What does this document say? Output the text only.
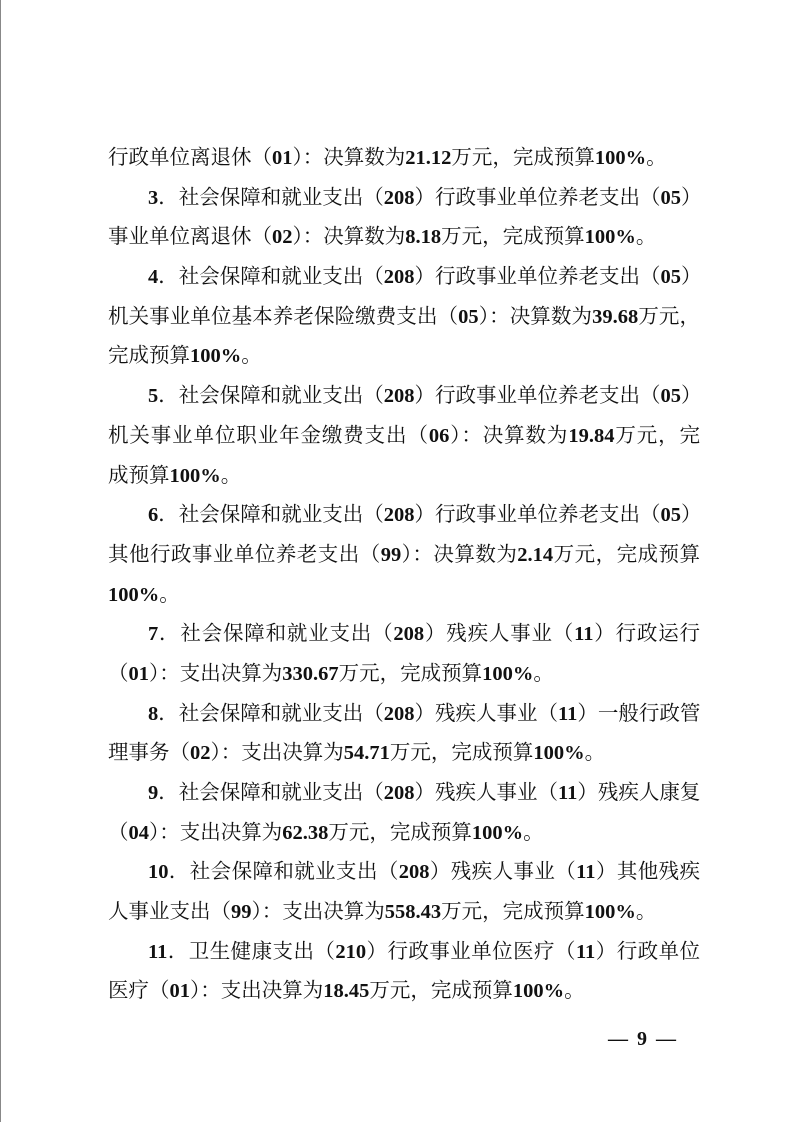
行政单位离退休（01）：决算数为21.12万元，完成预算100%。
3．社会保障和就业支出（208）行政事业单位养老支出（05）
事业单位离退休（02）：决算数为8.18万元，完成预算100%。
4．社会保障和就业支出（208）行政事业单位养老支出（05）
机关事业单位基本养老保险缴费支出（05）：决算数为39.68万元，
完成预算100%。
5．社会保障和就业支出（208）行政事业单位养老支出（05）
机关事业单位职业年金缴费支出（06）：决算数为19.84万元，完
成预算100%。
6．社会保障和就业支出（208）行政事业单位养老支出（05）
其他行政事业单位养老支出（99）：决算数为2.14万元，完成预算
100%。
7．社会保障和就业支出（208）残疾人事业（11）行政运行
（01）：支出决算为330.67万元，完成预算100%。
8．社会保障和就业支出（208）残疾人事业（11）一般行政管
理事务（02）：支出决算为54.71万元，完成预算100%。
9．社会保障和就业支出（208）残疾人事业（11）残疾人康复
（04）：支出决算为62.38万元，完成预算100%。
10．社会保障和就业支出（208）残疾人事业（11）其他残疾
人事业支出（99）：支出决算为558.43万元，完成预算100%。
11．卫生健康支出（210）行政事业单位医疗（11）行政单位
医疗（01）：支出决算为18.45万元，完成预算100%。
— 9 —
